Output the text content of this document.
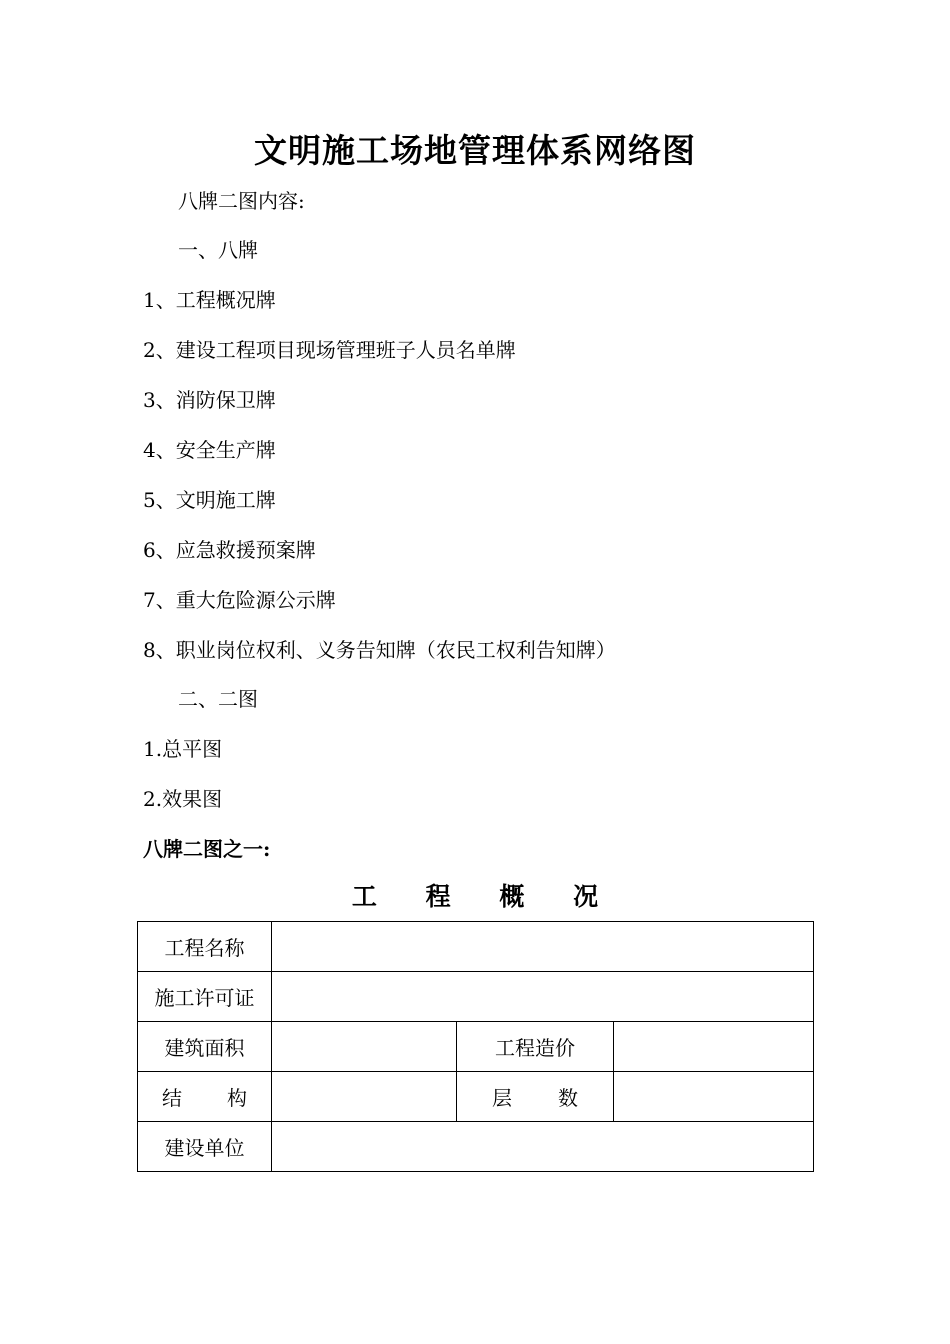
文明施工场地管理体系网络图
八牌二图内容:
一、八牌
1、工程概况牌
2、建设工程项目现场管理班子人员名单牌
3、消防保卫牌
4、安全生产牌
5、文明施工牌
6、应急救援预案牌
7、重大危险源公示牌
8、职业岗位权利、义务告知牌（农民工权利告知牌）
二、二图
1.总平图
2.效果图
八牌二图之一:
工 程 概 况
工程名称			
施工许可证			
建筑面积		工程造价	

结 构		层 数	

建设单位			
